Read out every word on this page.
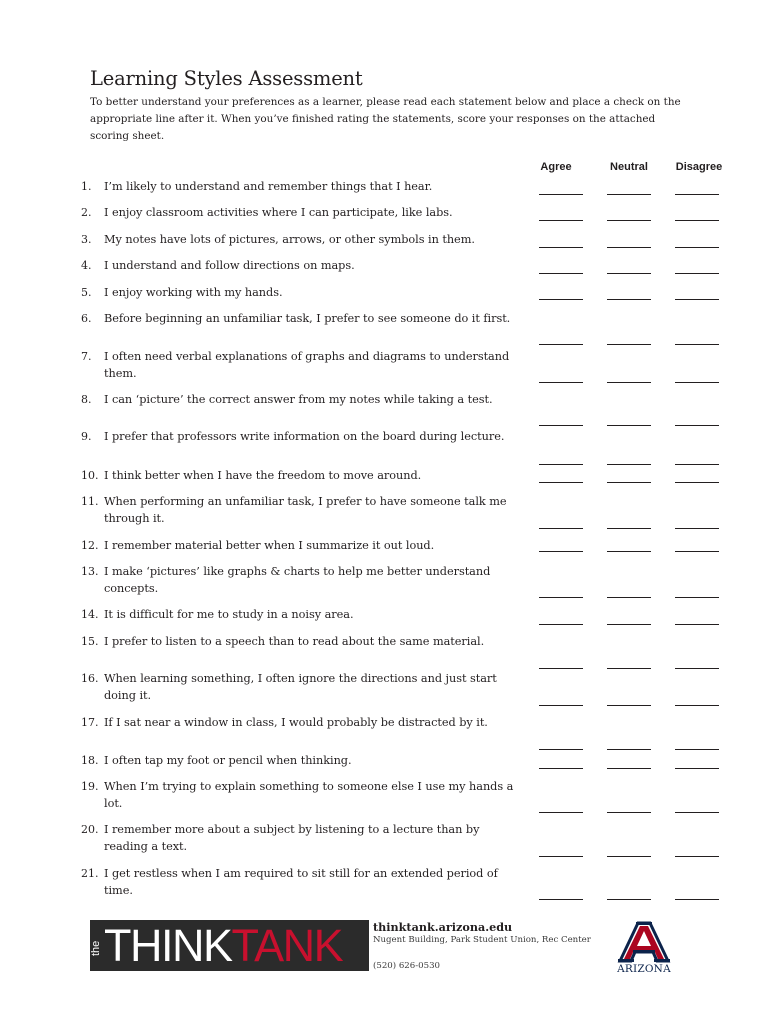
Learning Styles Assessment

To better understand your preferences as a learner, please read each statement below and place a check on the appropriate line after it. When you’ve finished rating the statements, score your responses on the attached scoring sheet.

Agree	Neutral	Disagree
1.	I’m likely to understand and remember things that I hear.
2.	I enjoy classroom activities where I can participate, like labs.
3.	My notes have lots of pictures, arrows, or other symbols in them.
4.	I understand and follow directions on maps.
5.	I enjoy working with my hands.
6.	Before beginning an unfamiliar task, I prefer to see someone do it first.
7.	I often need verbal explanations of graphs and diagrams to understand them.
8.	I can ‘picture’ the correct answer from my notes while taking a test.
9.	I prefer that professors write information on the board during lecture.
10. I think better when I have the freedom to move around.
11. When performing an unfamiliar task, I prefer to have someone talk me through it.
12. I remember material better when I summarize it out loud.
13. I make ‘pictures’ like graphs & charts to help me better understand concepts.
14. It is difficult for me to study in a noisy area.
15. I prefer to listen to a speech than to read about the same material.
16. When learning something, I often ignore the directions and just start doing it.
17. If I sat near a window in class, I would probably be distracted by it.
18. I often tap my foot or pencil when thinking.
19. When I’m trying to explain something to someone else I use my hands a lot.
20. I remember more about a subject by listening to a lecture than by reading a text.
21. I get restless when I am required to sit still for an extended period of time.
the THINKTANK	thinktank.arizona.edu
Nugent Building, Park Student Union, Rec Center
(520) 626-0530	ARIZONA
